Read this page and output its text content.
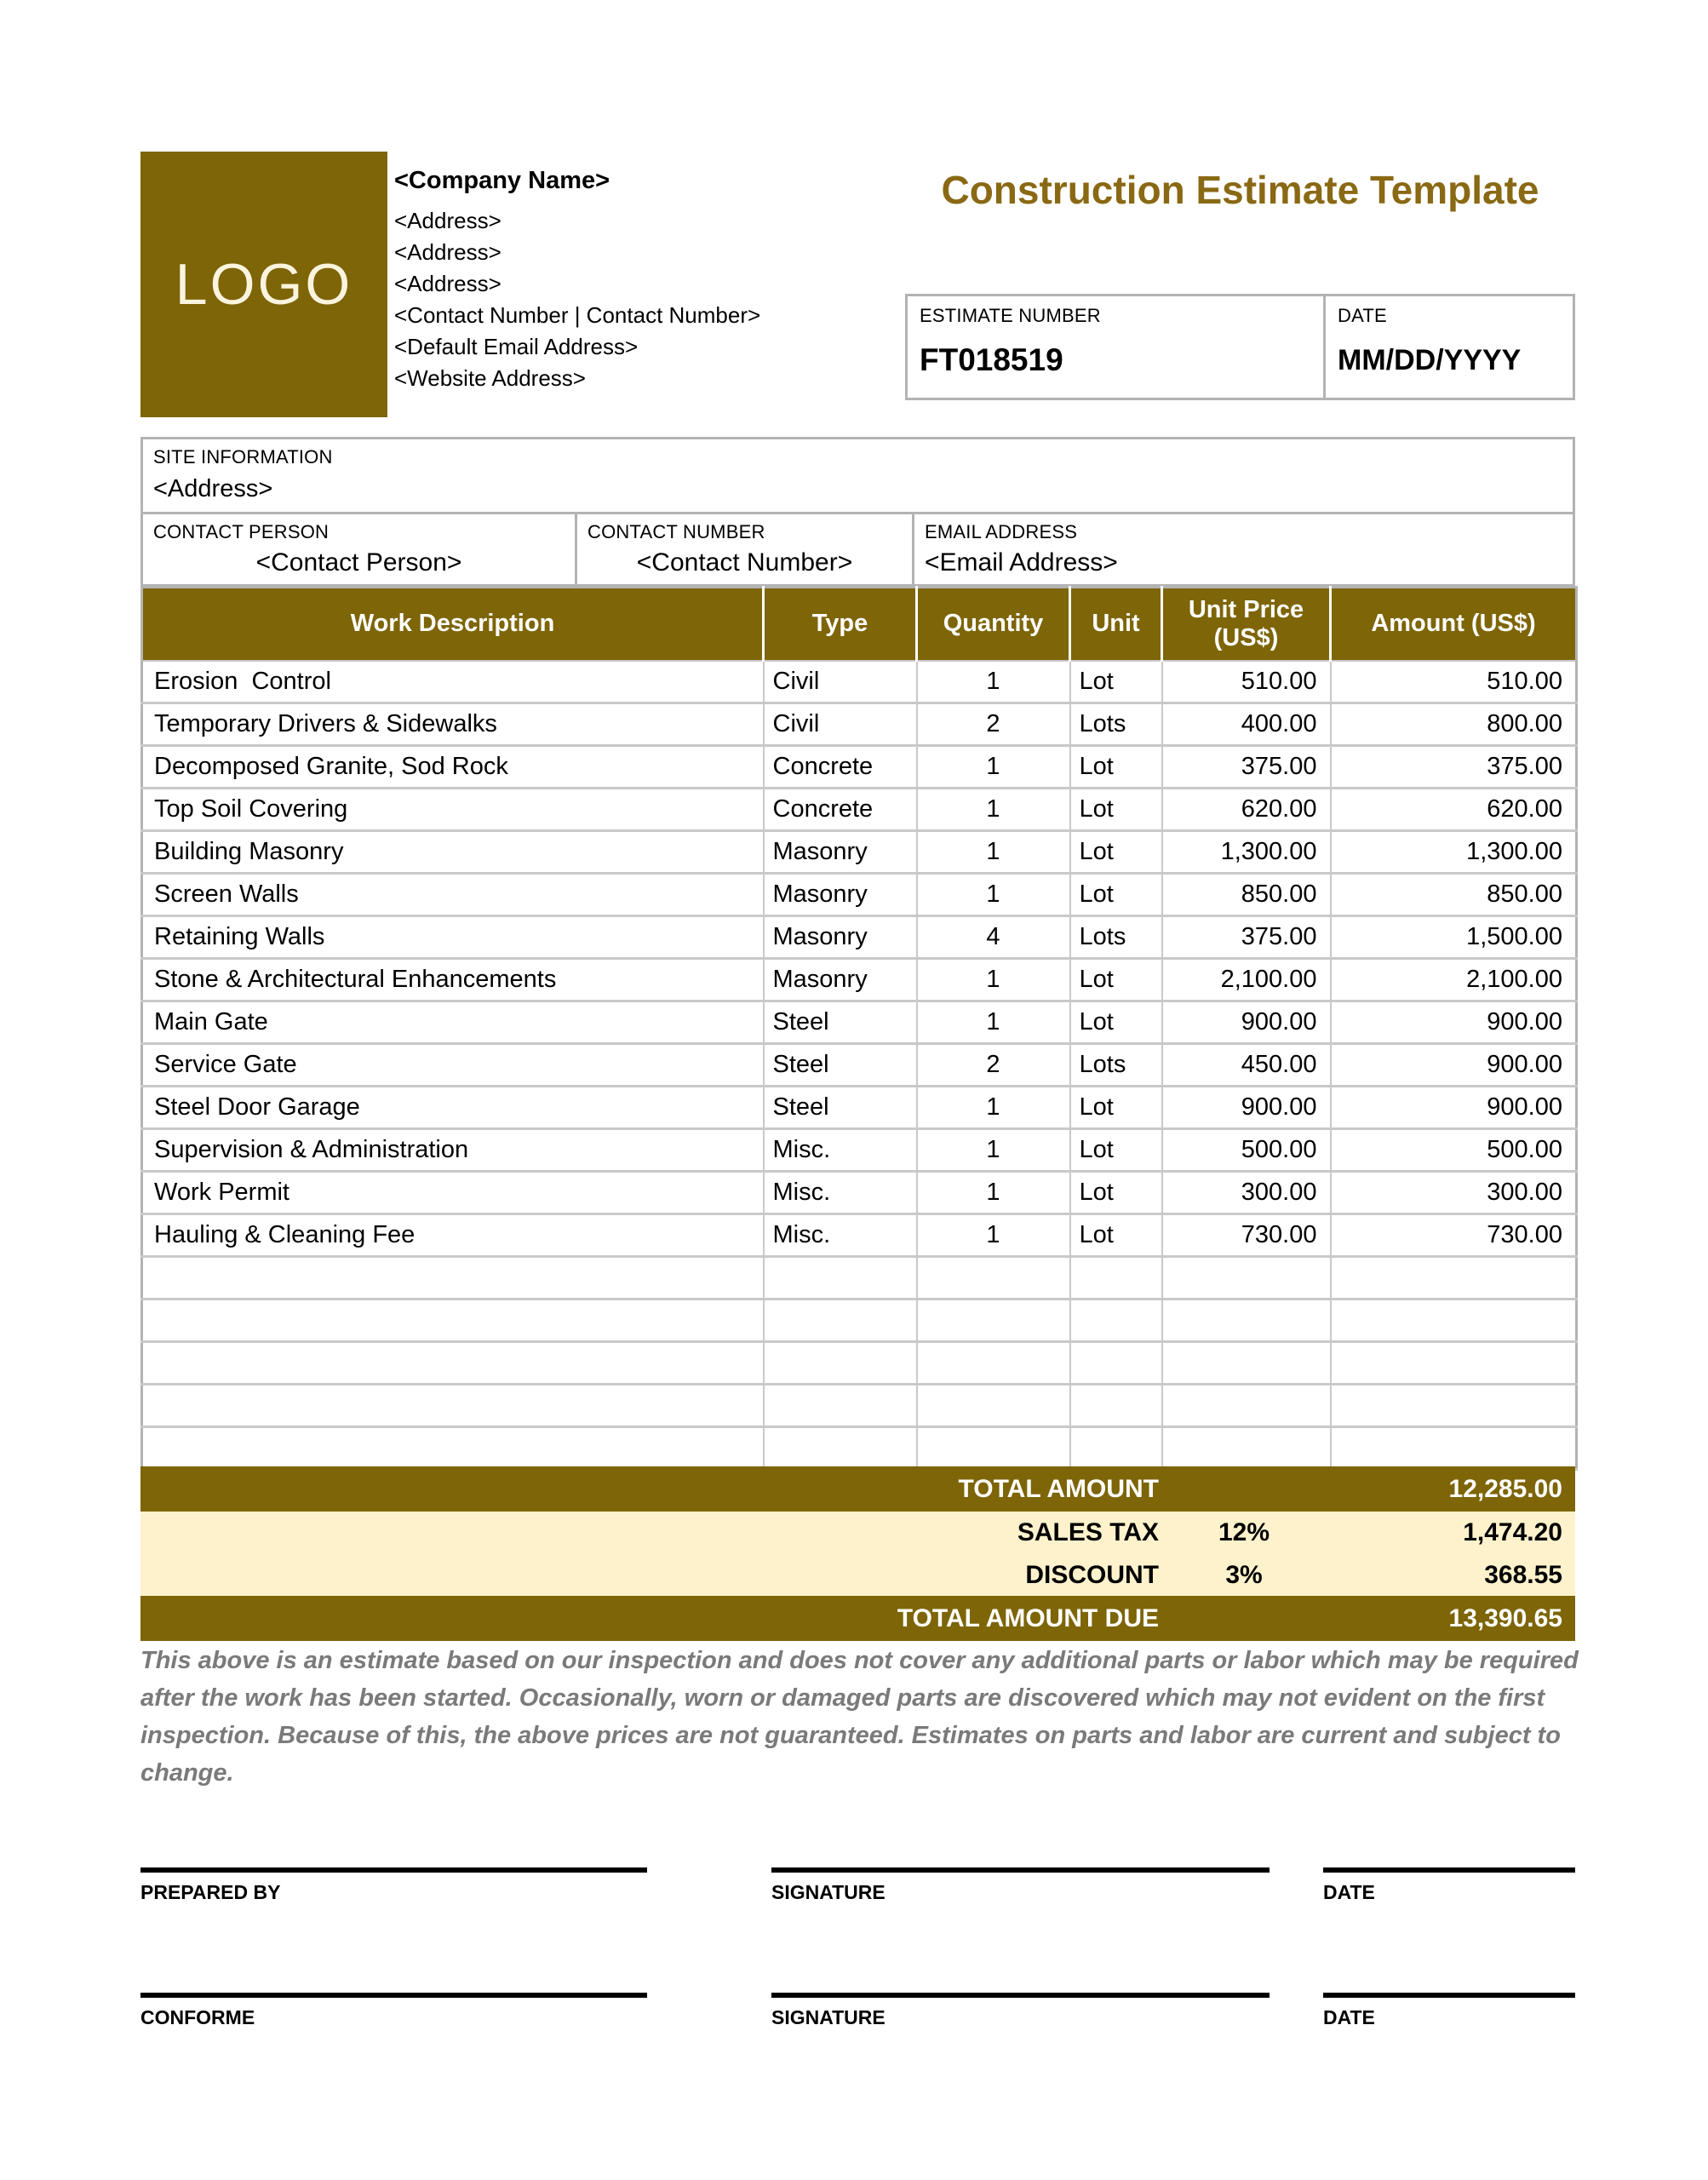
LOGO
<Company Name>
<Address>
<Address>
<Address>
<Contact Number | Contact Number>
<Default Email Address>
<Website Address>
Construction Estimate Template
ESTIMATE NUMBER
FT018519
DATE
MM/DD/YYYY
SITE INFORMATION
<Address>
CONTACT PERSON
<Contact Person>
CONTACT NUMBER
<Contact Number>
EMAIL ADDRESS
<Email Address>
Work Description	Type	Quantity	Unit	Unit Price (US$)	Amount (US$)
Erosion  Control	Civil	1	Lot	510.00	510.00
Temporary Drivers & Sidewalks	Civil	2	Lots	400.00	800.00
Decomposed Granite, Sod Rock	Concrete	1	Lot	375.00	375.00
Top Soil Covering	Concrete	1	Lot	620.00	620.00
Building Masonry	Masonry	1	Lot	1,300.00	1,300.00
Screen Walls	Masonry	1	Lot	850.00	850.00
Retaining Walls	Masonry	4	Lots	375.00	1,500.00
Stone & Architectural Enhancements	Masonry	1	Lot	2,100.00	2,100.00
Main Gate	Steel	1	Lot	900.00	900.00
Service Gate	Steel	2	Lots	450.00	900.00
Steel Door Garage	Steel	1	Lot	900.00	900.00
Supervision & Administration	Misc.	1	Lot	500.00	500.00
Work Permit	Misc.	1	Lot	300.00	300.00
Hauling & Cleaning Fee	Misc.	1	Lot	730.00	730.00

TOTAL AMOUNT	12,285.00
SALES TAX	12%	1,474.20
DISCOUNT	3%	368.55
TOTAL AMOUNT DUE	13,390.65
This above is an estimate based on our inspection and does not cover any additional parts or labor which may be required after the work has been started. Occasionally, worn or damaged parts are discovered which may not evident on the first inspection. Because of this, the above prices are not guaranteed. Estimates on parts and labor are current and subject to change.
PREPARED BY	SIGNATURE	DATE
CONFORME	SIGNATURE	DATE
